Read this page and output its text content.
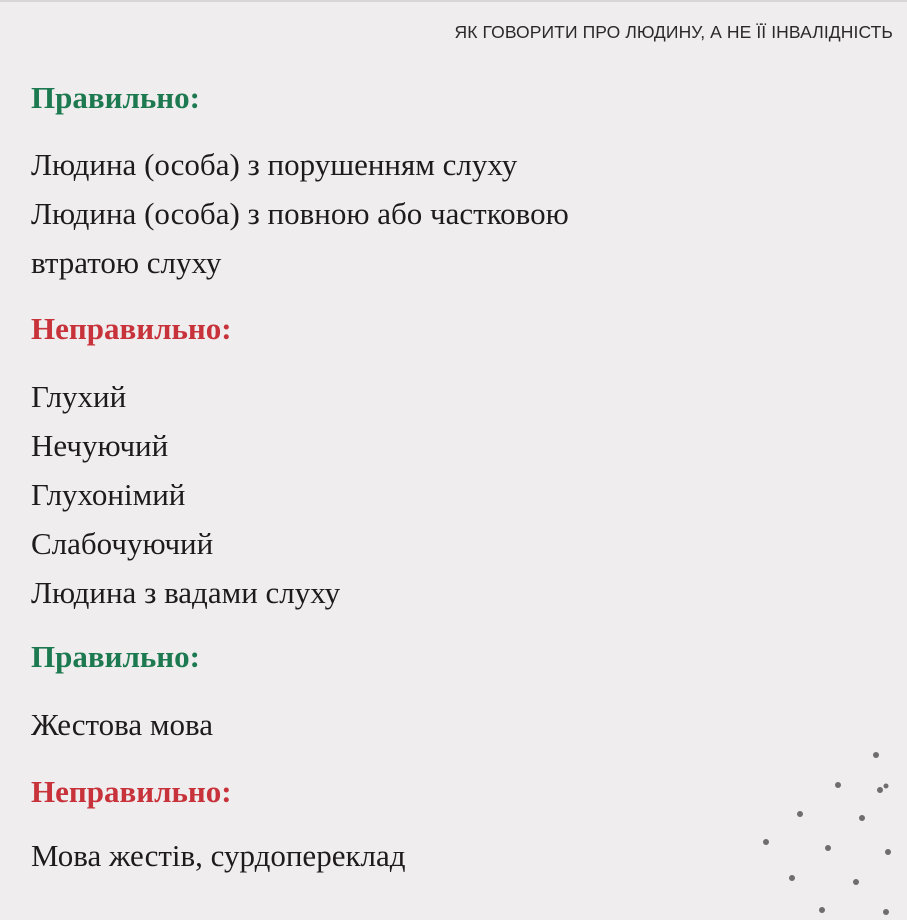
ЯК ГОВОРИТИ ПРО ЛЮДИНУ, А НЕ ЇЇ ІНВАЛІДНІСТЬ
Правильно:
Людина (особа) з порушенням слуху
Людина (особа) з повною або частковою
втратою слуху
Неправильно:
Глухий
Нечуючий
Глухонімий
Слабочуючий
Людина з вадами слуху
Правильно:
Жестова мова
Неправильно:
Мова жестів, сурдопереклад
